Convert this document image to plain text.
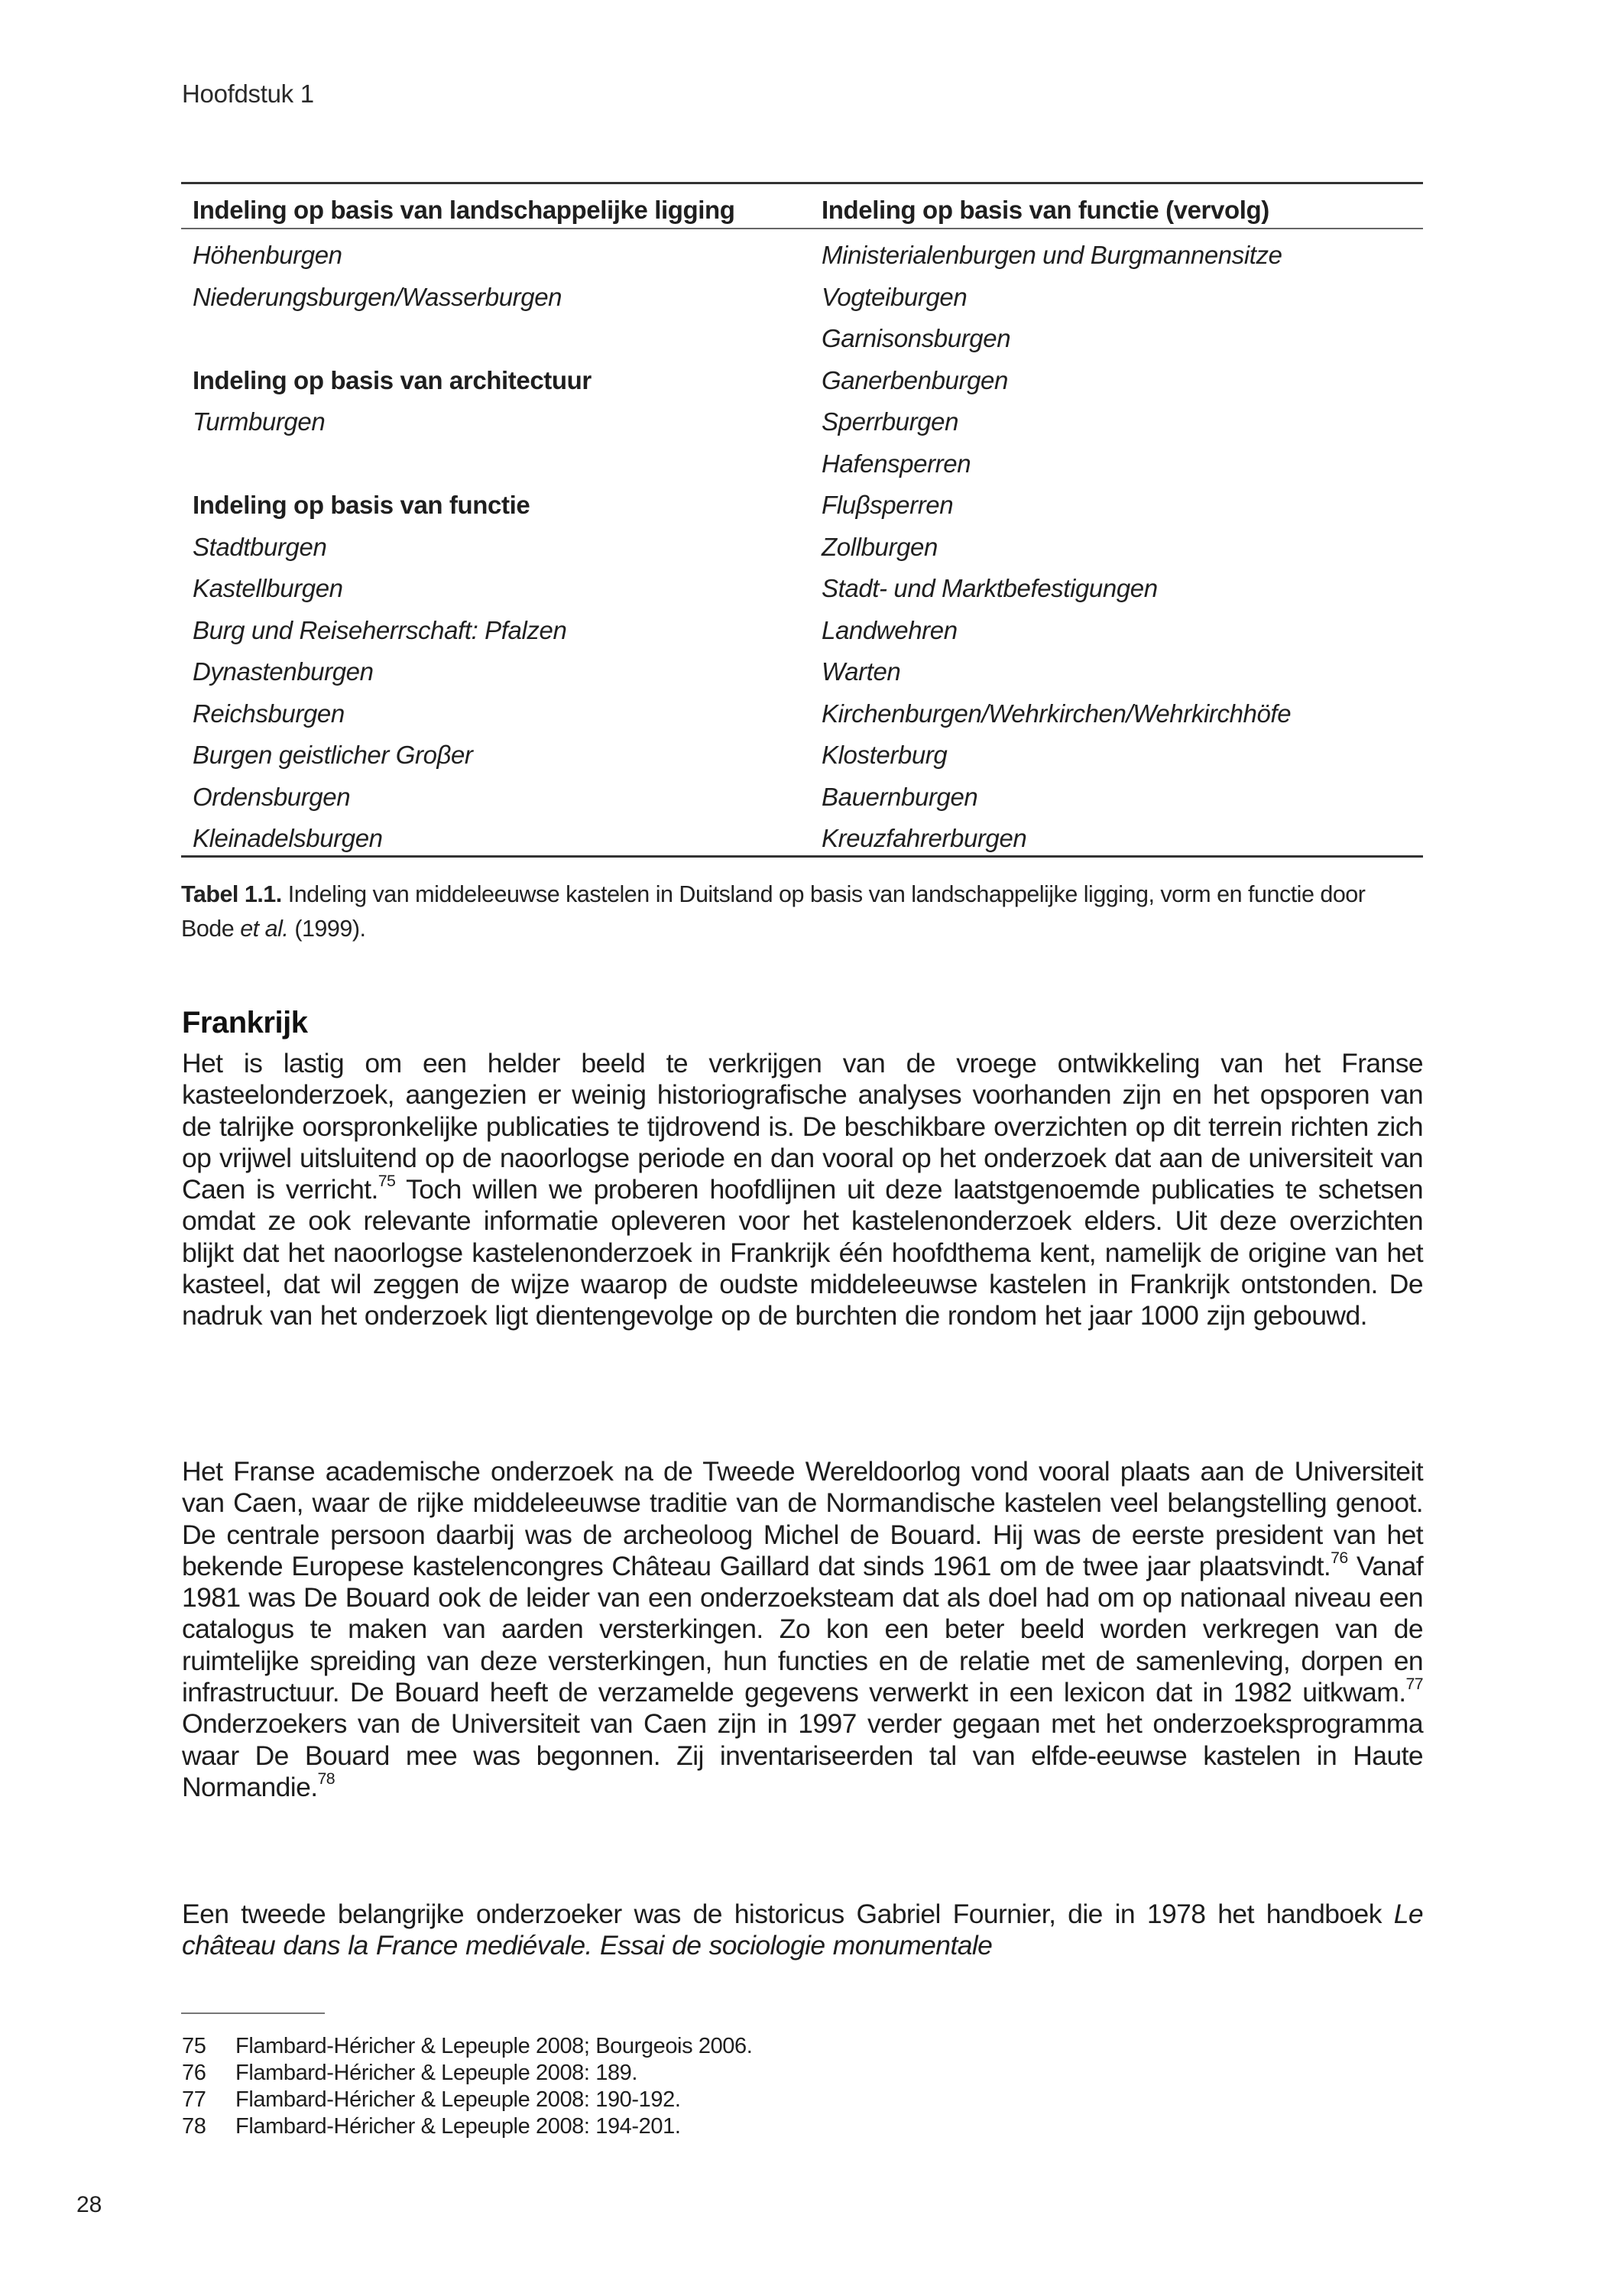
Hoofdstuk 1
Indeling op basis van landschappelijke ligging
Höhenburgen
Niederungsburgen/Wasserburgen
Indeling op basis van architectuur
Turmburgen
Indeling op basis van functie
Stadtburgen
Kastellburgen
Burg und Reiseherrschaft: Pfalzen
Dynastenburgen
Reichsburgen
Burgen geistlicher Groβer
Ordensburgen
Kleinadelsburgen
Indeling op basis van functie (vervolg)
Ministerialenburgen und Burgmannensitze
Vogteiburgen
Garnisonsburgen
Ganerbenburgen
Sperrburgen
Hafensperren
Fluβsperren
Zollburgen
Stadt- und Marktbefestigungen
Landwehren
Warten
Kirchenburgen/Wehrkirchen/Wehrkirchhöfe
Klosterburg
Bauernburgen
Kreuzfahrerburgen
Tabel 1.1. Indeling van middeleeuwse kastelen in Duitsland op basis van landschappelijke ligging, vorm en functie door Bode et al. (1999).
Frankrijk
Het is lastig om een helder beeld te verkrijgen van de vroege ontwikkeling van het Franse kasteelonderzoek, aangezien er weinig historiografische analyses voorhanden zijn en het opsporen van de talrijke oorspronkelijke publicaties te tijdrovend is. De beschikbare overzichten op dit terrein richten zich op vrijwel uitsluitend op de naoorlogse periode en dan vooral op het onderzoek dat aan de universiteit van Caen is verricht.$^{75}$ Toch willen we proberen hoofdlijnen uit deze laatstgenoemde publicaties te schetsen omdat ze ook relevante informatie opleveren voor het kastelenonderzoek elders. Uit deze overzichten blijkt dat het naoorlogse kastelenonderzoek in Frankrijk één hoofdthema kent, namelijk de origine van het kasteel, dat wil zeggen de wijze waarop de oudste middeleeuwse kastelen in Frankrijk ontstonden. De nadruk van het onderzoek ligt dientengevolge op de burchten die rondom het jaar 1000 zijn gebouwd.
Het Franse academische onderzoek na de Tweede Wereldoorlog vond vooral plaats aan de Universiteit van Caen, waar de rijke middeleeuwse traditie van de Normandische kastelen veel belangstelling genoot. De centrale persoon daarbij was de archeoloog Michel de Bouard. Hij was de eerste president van het bekende Europese kastelencongres Château Gaillard dat sinds 1961 om de twee jaar plaatsvindt.$^{76}$ Vanaf 1981 was De Bouard ook de leider van een onderzoeksteam dat als doel had om op nationaal niveau een catalogus te maken van aarden versterkingen. Zo kon een beter beeld worden verkregen van de ruimtelijke spreiding van deze versterkingen, hun functies en de relatie met de samenleving, dorpen en infrastructuur. De Bouard heeft de verzamelde gegevens verwerkt in een lexicon dat in 1982 uitkwam.$^{77}$ Onderzoekers van de Universiteit van Caen zijn in 1997 verder gegaan met het onderzoeksprogramma waar De Bouard mee was begonnen. Zij inventariseerden tal van elfde-eeuwse kastelen in Haute Normandie.$^{78}$
Een tweede belangrijke onderzoeker was de historicus Gabriel Fournier, die in 1978 het handboek Le château dans la France mediévale. Essai de sociologie monumentale
75 Flambard-Héricher & Lepeuple 2008; Bourgeois 2006.
76 Flambard-Héricher & Lepeuple 2008: 189.
77 Flambard-Héricher & Lepeuple 2008: 190-192.
78 Flambard-Héricher & Lepeuple 2008: 194-201.
28
